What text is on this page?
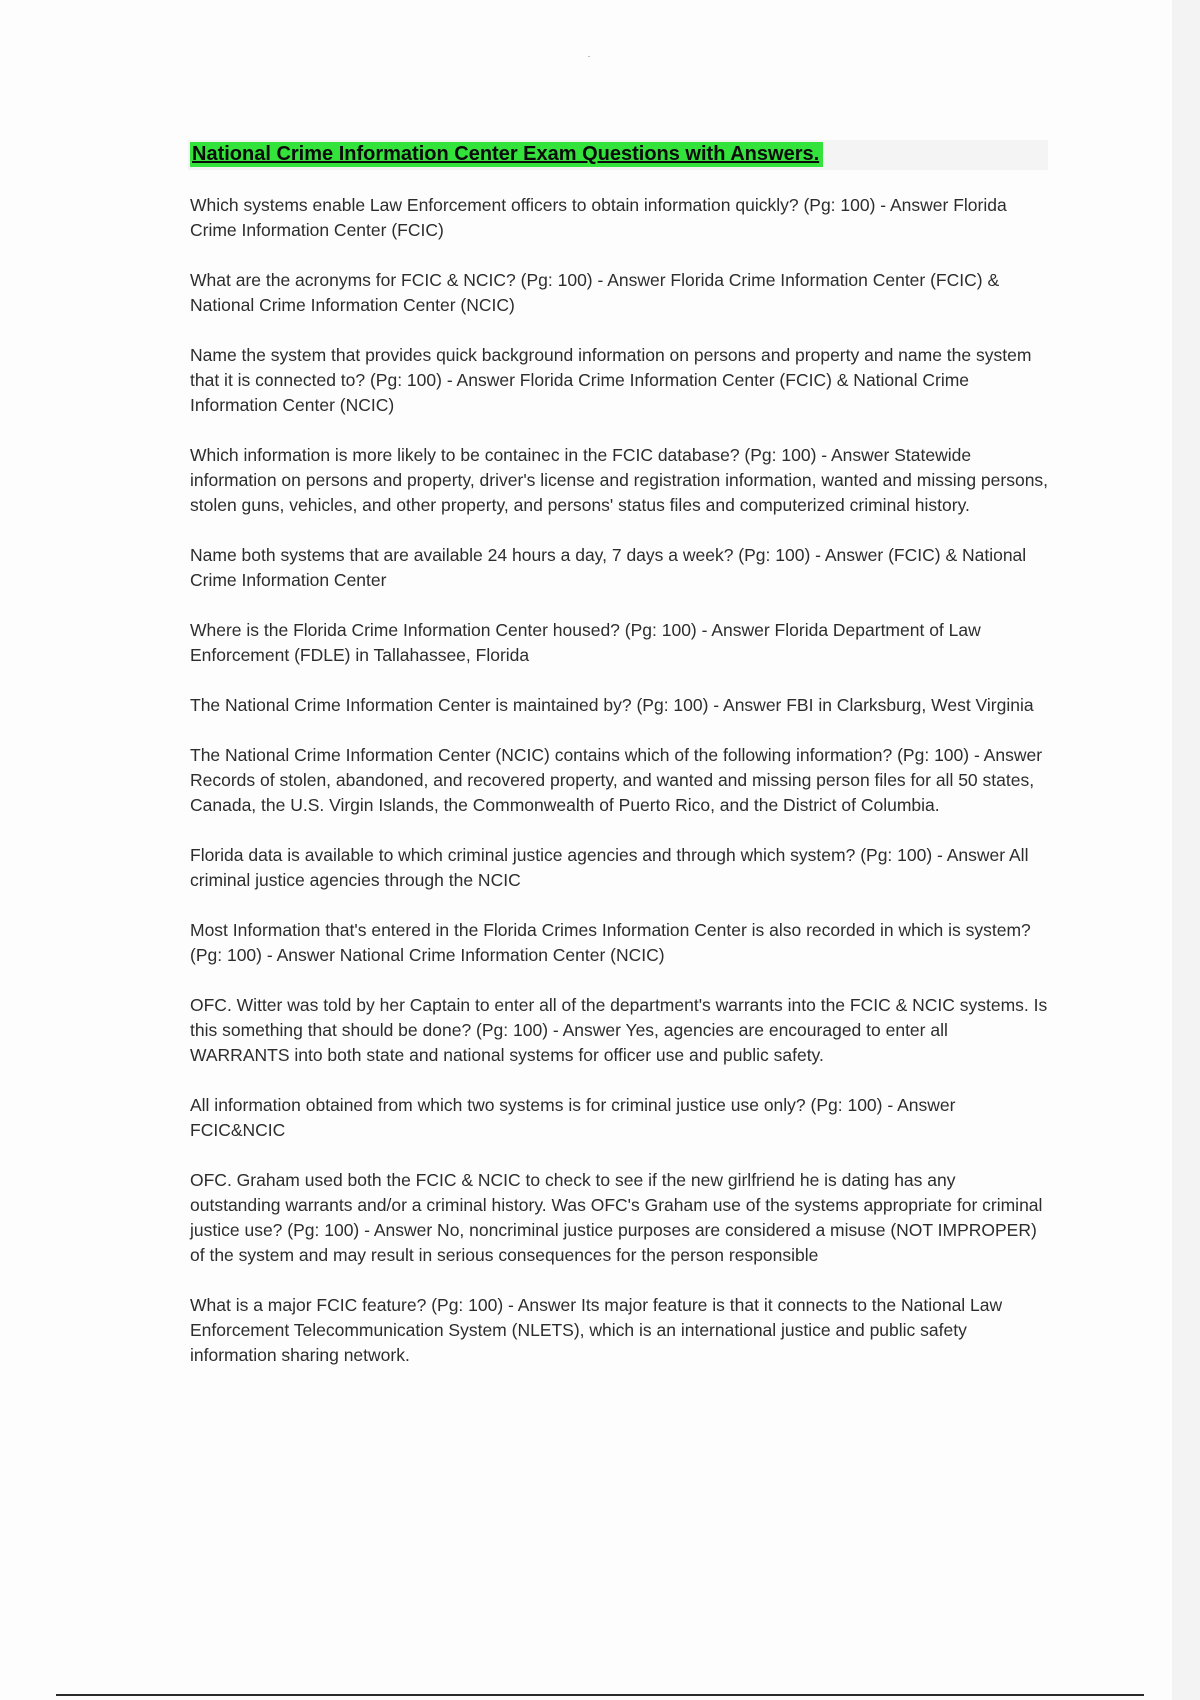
National Crime Information Center Exam Questions with Answers.

Which systems enable Law Enforcement officers to obtain information quickly? (Pg: 100) - Answer Florida Crime Information Center (FCIC)

What are the acronyms for FCIC & NCIC? (Pg: 100) - Answer Florida Crime Information Center (FCIC) & National Crime Information Center (NCIC)

Name the system that provides quick background information on persons and property and name the system that it is connected to? (Pg: 100) - Answer Florida Crime Information Center (FCIC) & National Crime Information Center (NCIC)

Which information is more likely to be containec in the FCIC database? (Pg: 100) - Answer Statewide information on persons and property, driver's license and registration information, wanted and missing persons, stolen guns, vehicles, and other property, and persons' status files and computerized criminal history.

Name both systems that are available 24 hours a day, 7 days a week? (Pg: 100) - Answer (FCIC) & National Crime Information Center

Where is the Florida Crime Information Center housed? (Pg: 100) - Answer Florida Department of Law Enforcement (FDLE) in Tallahassee, Florida

The National Crime Information Center is maintained by? (Pg: 100) - Answer FBI in Clarksburg, West Virginia

The National Crime Information Center (NCIC) contains which of the following information? (Pg: 100) - Answer Records of stolen, abandoned, and recovered property, and wanted and missing person files for all 50 states, Canada, the U.S. Virgin Islands, the Commonwealth of Puerto Rico, and the District of Columbia.

Florida data is available to which criminal justice agencies and through which system? (Pg: 100) - Answer All criminal justice agencies through the NCIC

Most Information that's entered in the Florida Crimes Information Center is also recorded in which is system? (Pg: 100) - Answer National Crime Information Center (NCIC)

OFC. Witter was told by her Captain to enter all of the department's warrants into the FCIC & NCIC systems. Is this something that should be done? (Pg: 100) - Answer Yes, agencies are encouraged to enter all WARRANTS into both state and national systems for officer use and public safety.

All information obtained from which two systems is for criminal justice use only? (Pg: 100) - Answer FCIC&NCIC

OFC. Graham used both the FCIC & NCIC to check to see if the new girlfriend he is dating has any outstanding warrants and/or a criminal history. Was OFC's Graham use of the systems appropriate for criminal justice use? (Pg: 100) - Answer No, noncriminal justice purposes are considered a misuse (NOT IMPROPER) of the system and may result in serious consequences for the person responsible

What is a major FCIC feature? (Pg: 100) - Answer Its major feature is that it connects to the National Law Enforcement Telecommunication System (NLETS), which is an international justice and public safety information sharing network.
